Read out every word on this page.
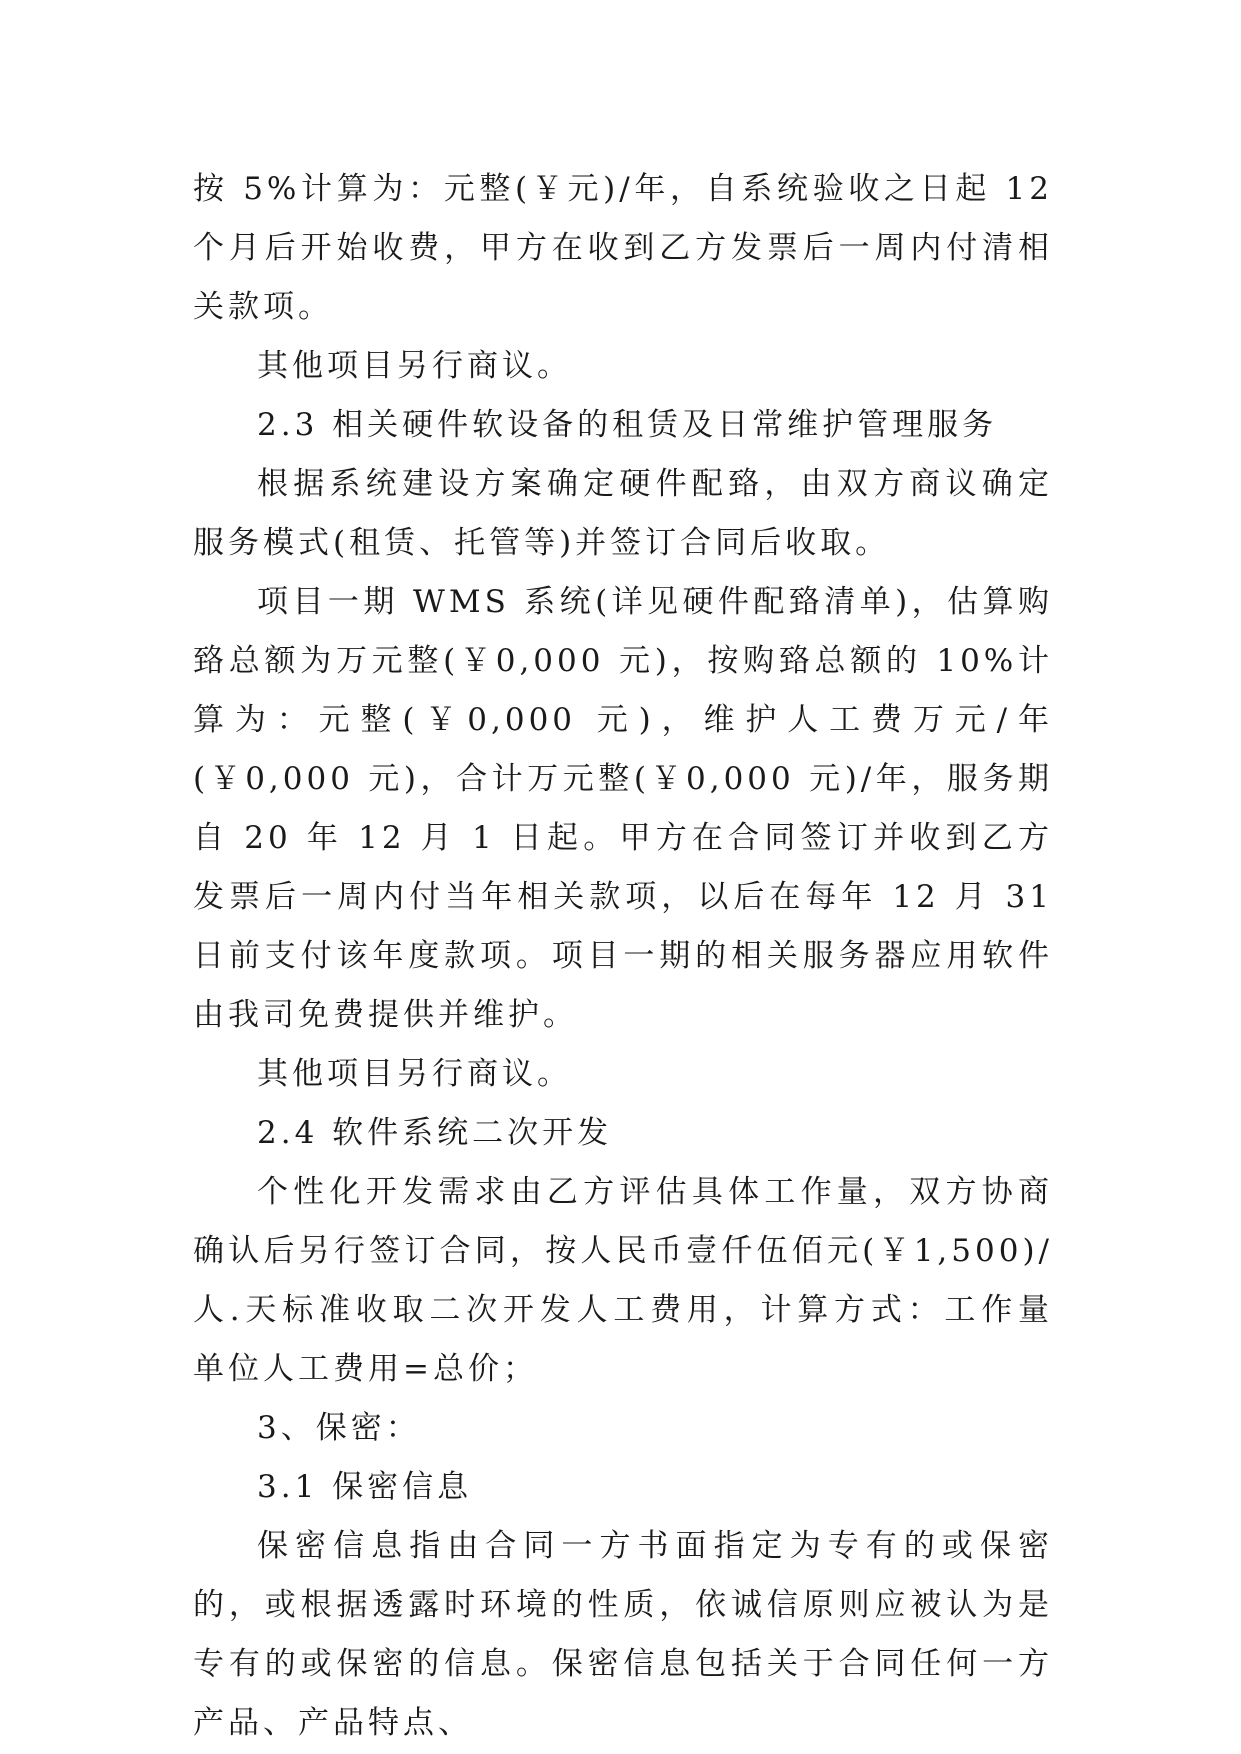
按 5%计算为：元整(￥元)/年，自系统验收之日起 12 个月后开始收费，甲方在收到乙方发票后一周内付清相关款项。

其他项目另行商议。

2.3 相关硬件软设备的租赁及日常维护管理服务

根据系统建设方案确定硬件配臵，由双方商议确定服务模式(租赁、托管等)并签订合同后收取。

项目一期 WMS 系统(详见硬件配臵清单)，估算购臵总额为万元整(￥0,000 元)，按购臵总额的 10%计算为：元整(￥0,000 元)，维护人工费万元/年(￥0,000 元)，合计万元整(￥0,000 元)/年，服务期自 20 年 12 月 1 日起。甲方在合同签订并收到乙方发票后一周内付当年相关款项，以后在每年 12 月 31 日前支付该年度款项。项目一期的相关服务器应用软件由我司免费提供并维护。

其他项目另行商议。

2.4 软件系统二次开发

个性化开发需求由乙方评估具体工作量，双方协商确认后另行签订合同，按人民币壹仟伍佰元(￥1,500)/人.天标准收取二次开发人工费用，计算方式：工作量 单位人工费用=总价；

3、保密：

3.1 保密信息

保密信息指由合同一方书面指定为专有的或保密的，或根据透露时环境的性质，依诚信原则应被认为是专有的或保密的信息。保密信息包括关于合同任何一方产品、产品特点、
